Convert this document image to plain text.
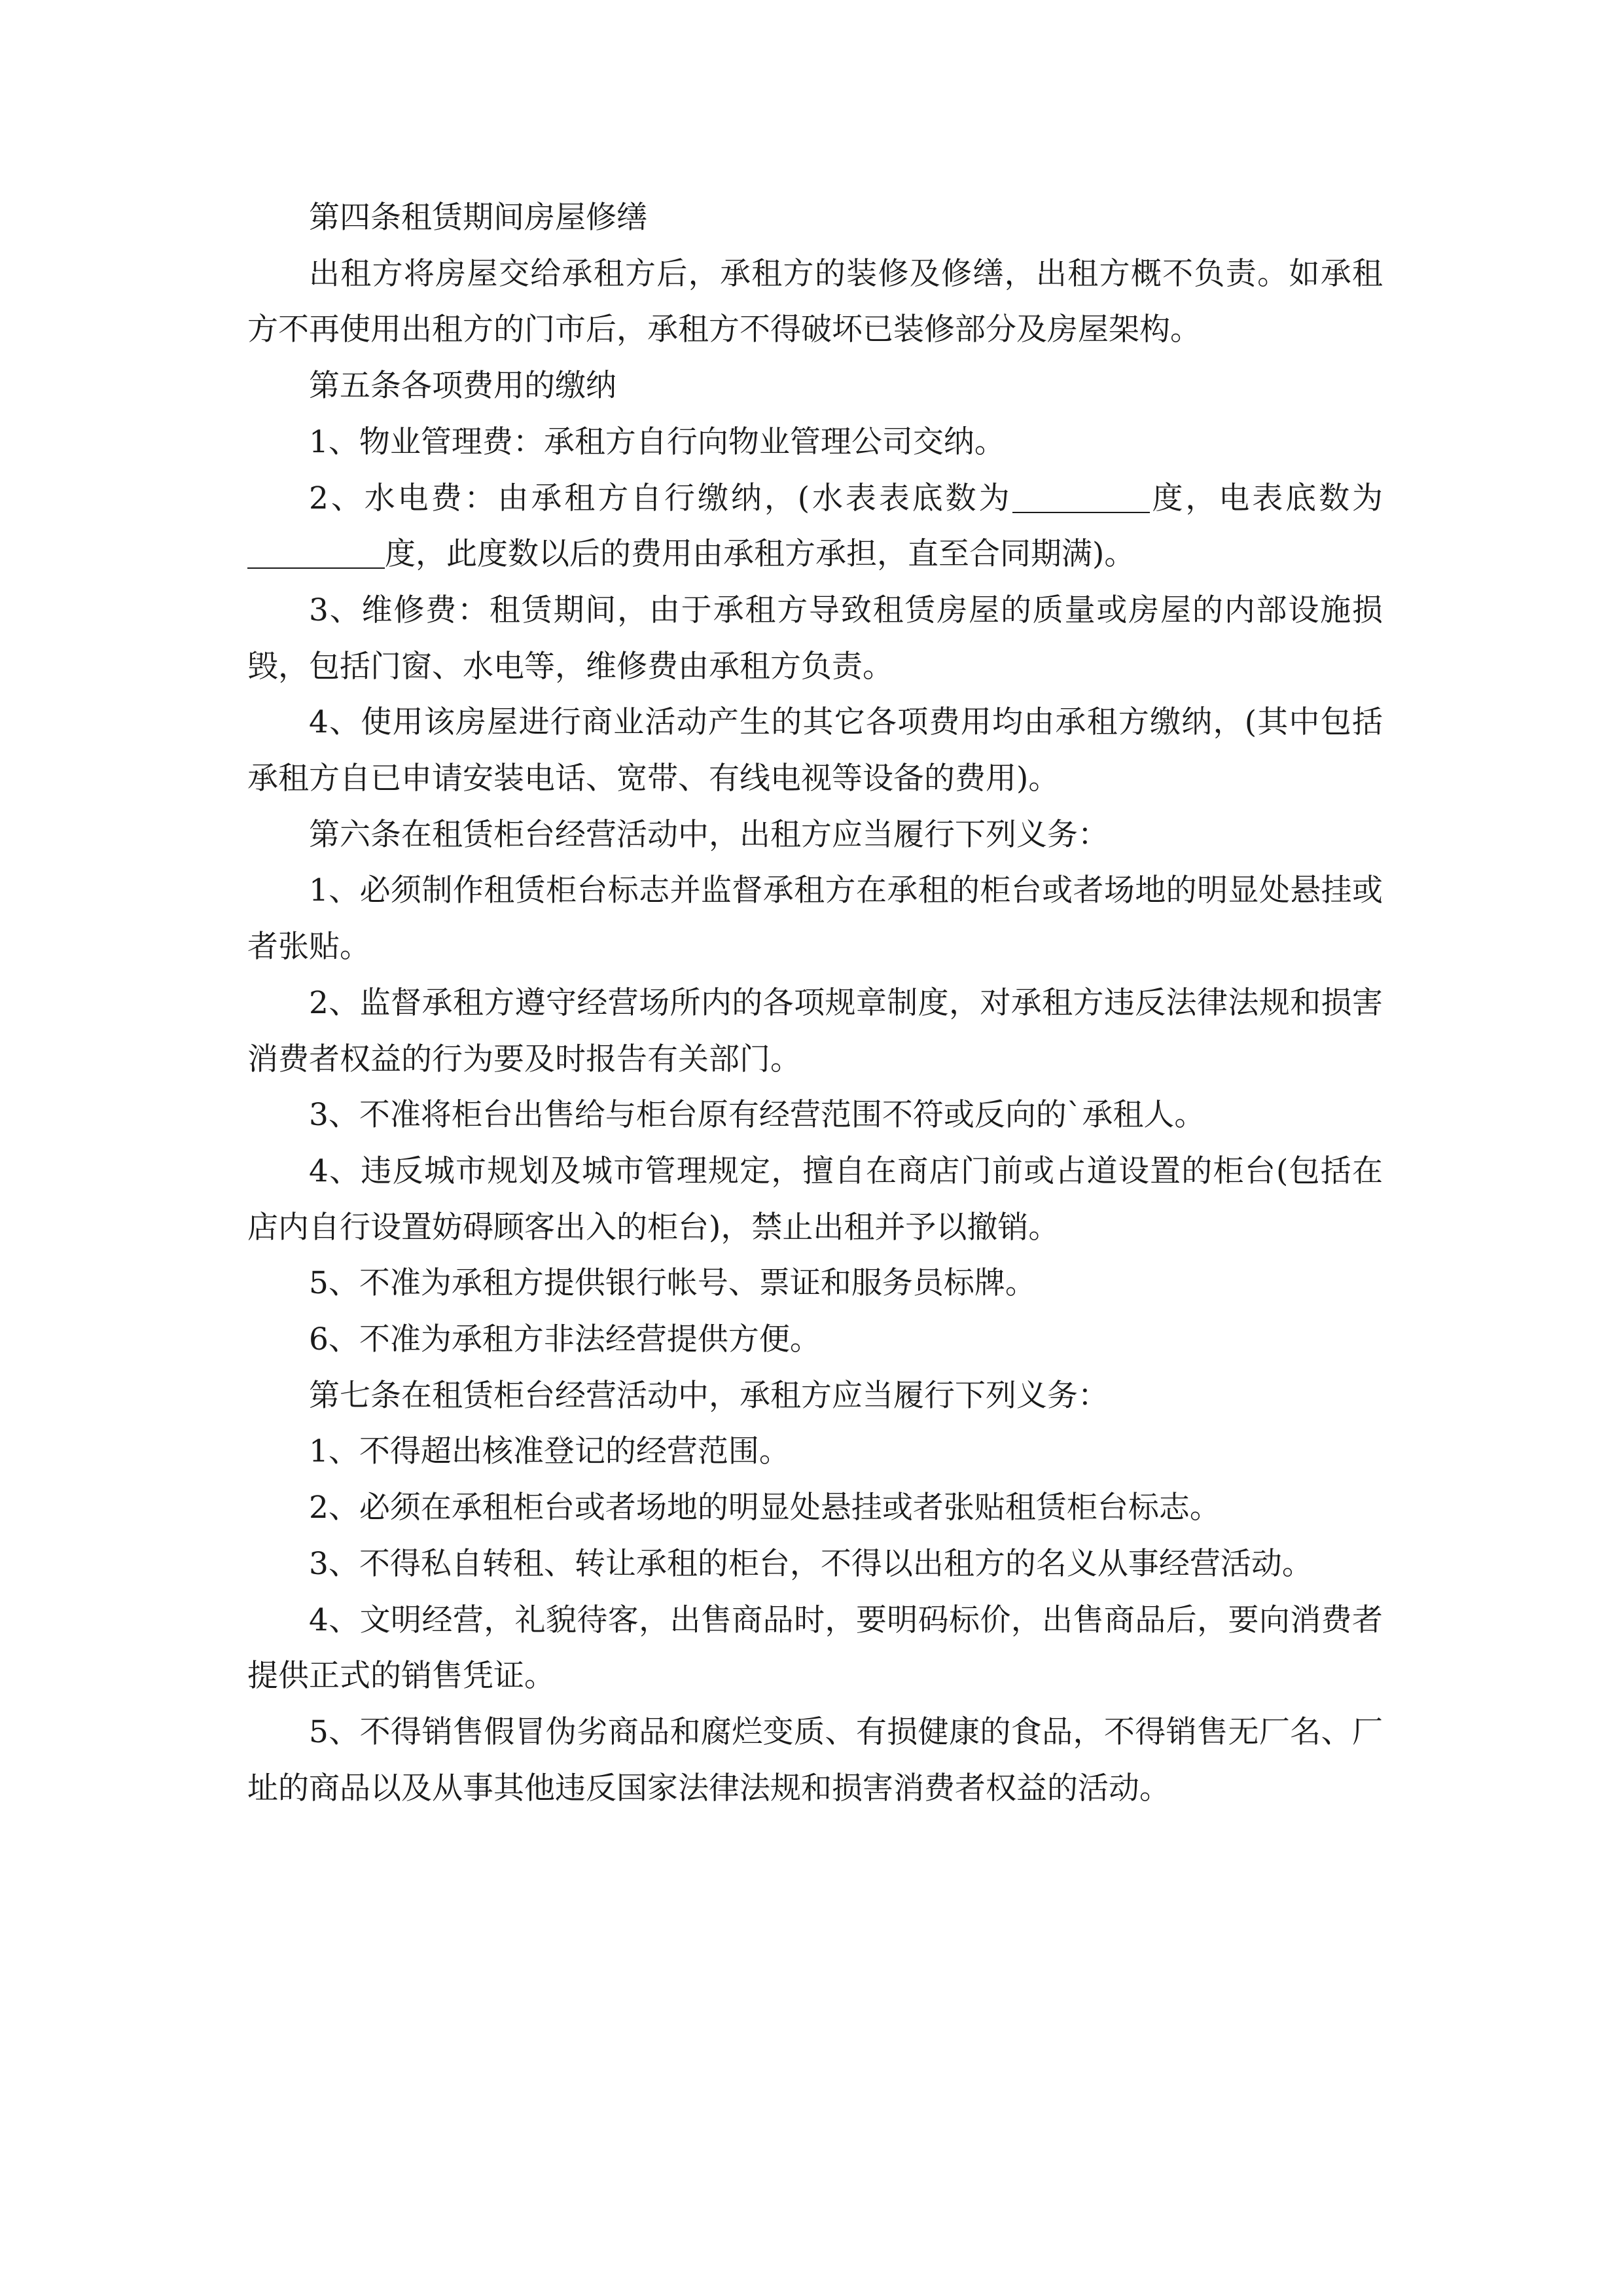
第四条租赁期间房屋修缮

出租方将房屋交给承租方后，承租方的装修及修缮，出租方概不负责。如承租方不再使用出租方的门市后，承租方不得破坏已装修部分及房屋架构。

第五条各项费用的缴纳

1、物业管理费：承租方自行向物业管理公司交纳。

2、水电费：由承租方自行缴纳，(水表表底数为	度，电表底数为度，此度数以后的费用由承租方承担，直至合同期满)。

3、维修费：租赁期间，由于承租方导致租赁房屋的质量或房屋的内部设施损毁，包括门窗、水电等，维修费由承租方负责。

4、使用该房屋进行商业活动产生的其它各项费用均由承租方缴纳，(其中包括承租方自已申请安装电话、宽带、有线电视等设备的费用)。

第六条在租赁柜台经营活动中，出租方应当履行下列义务：

1、必须制作租赁柜台标志并监督承租方在承租的柜台或者场地的明显处悬挂或者张贴。

2、监督承租方遵守经营场所内的各项规章制度，对承租方违反法律法规和损害消费者权益的行为要及时报告有关部门。

3、不准将柜台出售给与柜台原有经营范围不符或反向的`承租人。

4、违反城市规划及城市管理规定，擅自在商店门前或占道设置的柜台(包括在店内自行设置妨碍顾客出入的柜台)，禁止出租并予以撤销。

5、不准为承租方提供银行帐号、票证和服务员标牌。

6、不准为承租方非法经营提供方便。

第七条在租赁柜台经营活动中，承租方应当履行下列义务：

1、不得超出核准登记的经营范围。

2、必须在承租柜台或者场地的明显处悬挂或者张贴租赁柜台标志。

3、不得私自转租、转让承租的柜台，不得以出租方的名义从事经营活动。

4、文明经营，礼貌待客，出售商品时，要明码标价，出售商品后，要向消费者提供正式的销售凭证。

5、不得销售假冒伪劣商品和腐烂变质、有损健康的食品，不得销售无厂名、厂址的商品以及从事其他违反国家法律法规和损害消费者权益的活动。
